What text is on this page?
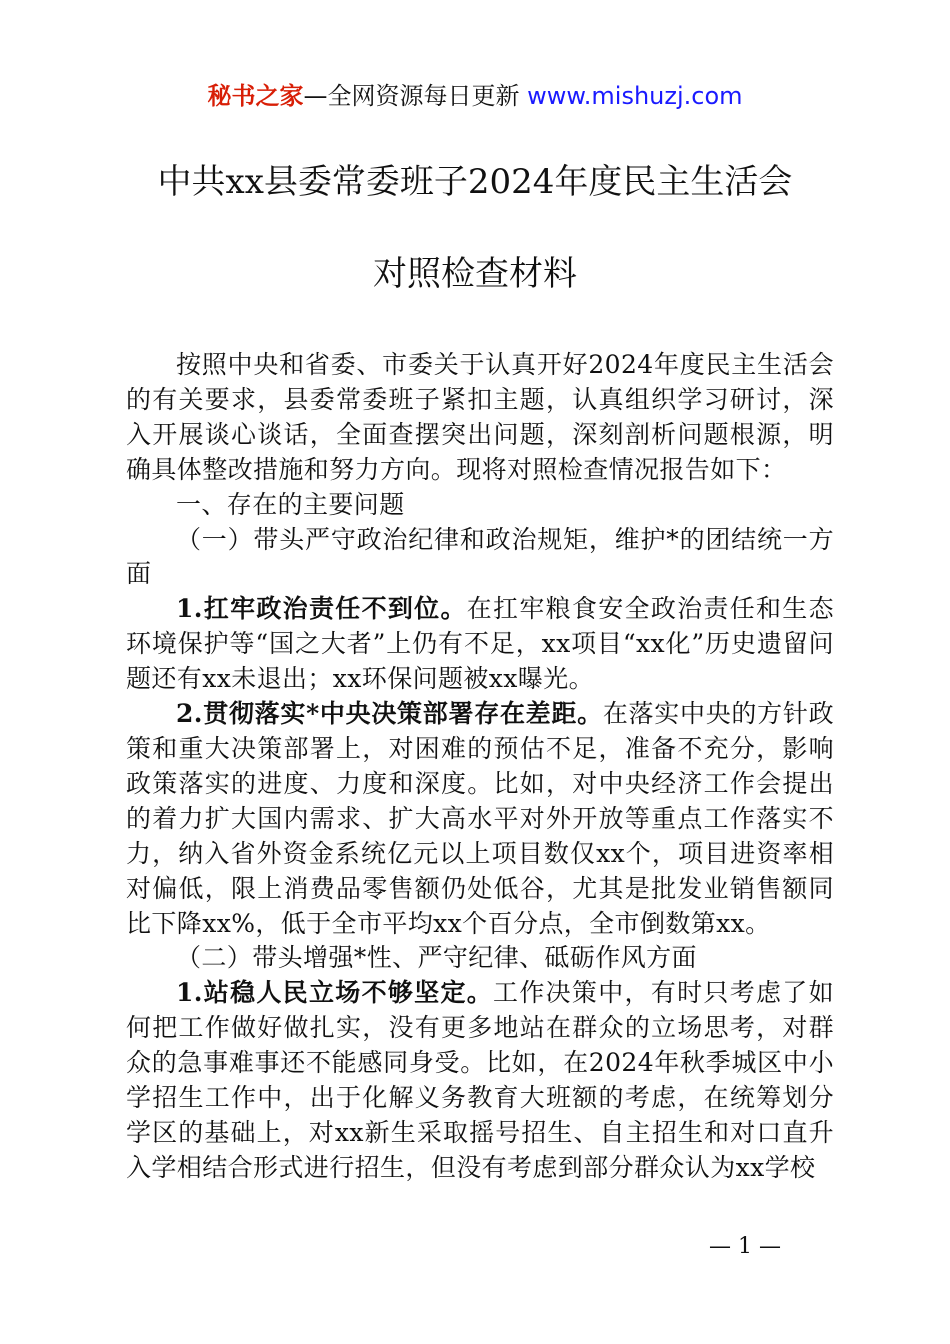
秘书之家—全网资源每日更新 www.mishuzj.com
中共xx县委常委班子2024年度民主生活会
对照检查材料

按照中央和省委、市委关于认真开好2024年度民主生活会的有关要求，县委常委班子紧扣主题，认真组织学习研讨，深入开展谈心谈话，全面查摆突出问题，深刻剖析问题根源，明确具体整改措施和努力方向。现将对照检查情况报告如下：

一、存在的主要问题

（一）带头严守政治纪律和政治规矩，维护*的团结统一方面

1.扛牢政治责任不到位。在扛牢粮食安全政治责任和生态环境保护等“国之大者”上仍有不足，xx项目“xx化”历史遗留问题还有xx未退出；xx环保问题被xx曝光。

2.贯彻落实*中央决策部署存在差距。在落实中央的方针政策和重大决策部署上，对困难的预估不足，准备不充分，影响政策落实的进度、力度和深度。比如，对中央经济工作会提出的着力扩大国内需求、扩大高水平对外开放等重点工作落实不力，纳入省外资金系统亿元以上项目数仅xx个，项目进资率相对偏低，限上消费品零售额仍处低谷，尤其是批发业销售额同比下降xx%，低于全市平均xx个百分点，全市倒数第xx。

（二）带头增强*性、严守纪律、砥砺作风方面

1.站稳人民立场不够坚定。工作决策中，有时只考虑了如何把工作做好做扎实，没有更多地站在群众的立场思考，对群众的急事难事还不能感同身受。比如，在2024年秋季城区中小学招生工作中，出于化解义务教育大班额的考虑，在统筹划分学区的基础上，对xx新生采取摇号招生、自主招生和对口直升入学相结合形式进行招生，但没有考虑到部分群众认为xx学校

— 1 —
